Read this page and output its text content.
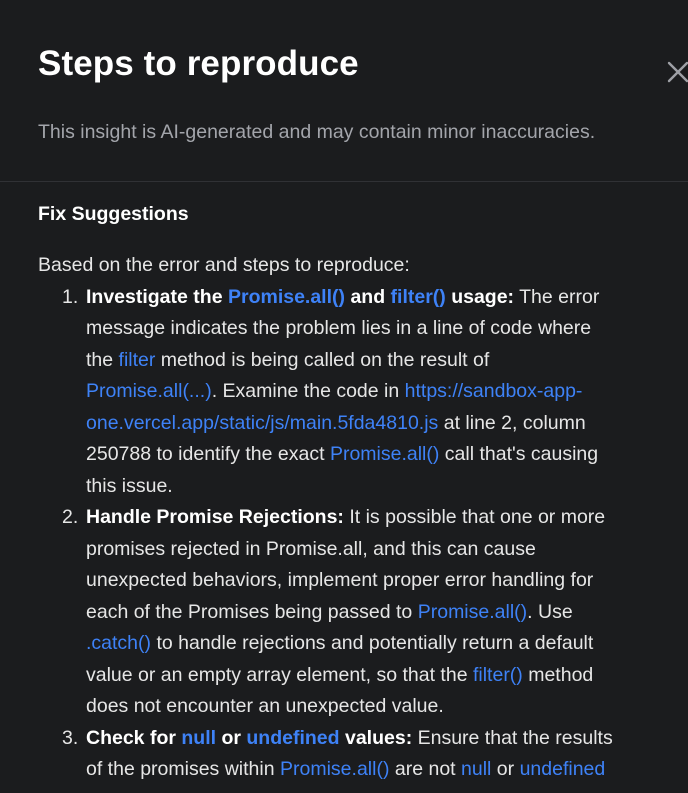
Steps to reproduce

This insight is AI-generated and may contain minor inaccuracies.

Fix Suggestions

Based on the error and steps to reproduce:

1. Investigate the Promise.all() and filter() usage: The error
message indicates the problem lies in a line of code where
the filter method is being called on the result of
Promise.all(...). Examine the code in https://sandbox-app-
one.vercel.app/static/js/main.5fda4810.js at line 2, column
250788 to identify the exact Promise.all() call that's causing
this issue.
2. Handle Promise Rejections: It is possible that one or more
promises rejected in Promise.all, and this can cause
unexpected behaviors, implement proper error handling for
each of the Promises being passed to Promise.all(). Use
.catch() to handle rejections and potentially return a default
value or an empty array element, so that the filter() method
does not encounter an unexpected value.
3. Check for null or undefined values: Ensure that the results
of the promises within Promise.all() are not null or undefined
